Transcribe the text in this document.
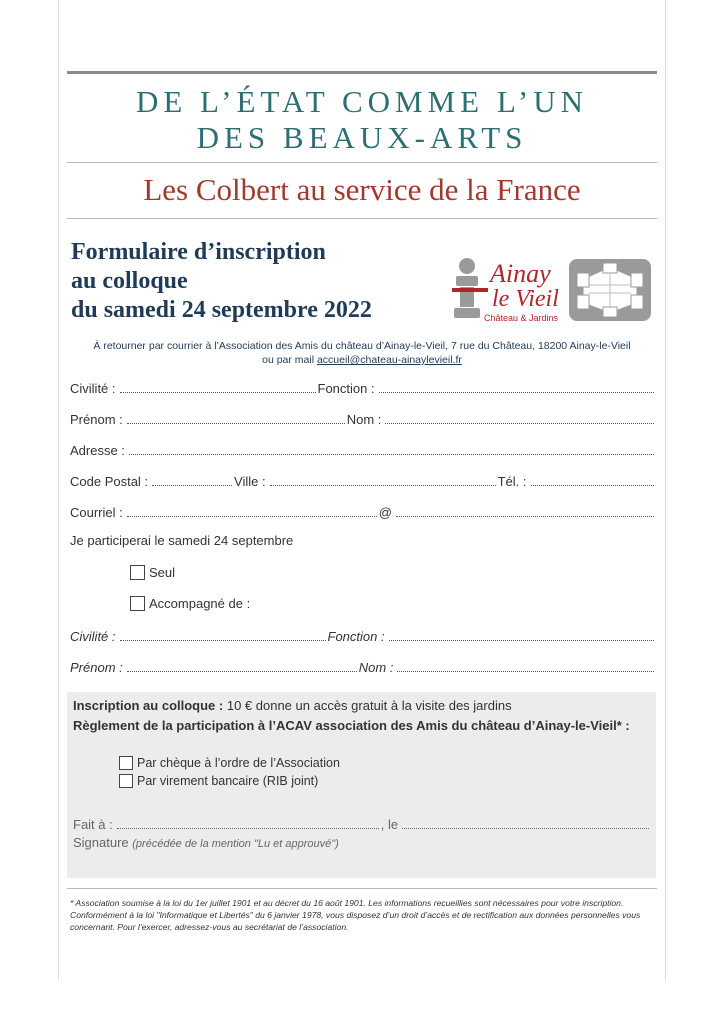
DE L’ÉTAT COMME L’UN
DES BEAUX-ARTS
Les Colbert au service de la France
Formulaire d’inscription
au colloque
du samedi 24 septembre 2022
Ainay
le Vieil
Château & Jardins
À retourner par courrier à l’Association des Amis du château d’Ainay-le-Vieil, 7 rue du Château, 18200 Ainay-le-Vieil
ou par mail accueil@chateau-ainaylevieil.fr
Civilité :	Fonction :
Prénom :	Nom :
Adresse :
Code Postal :	Ville :	Tél. :
Courriel :	@
Je participerai le samedi 24 septembre
Seul
Accompagné de :
Civilité :	Fonction :
Prénom :	Nom :
Inscription au colloque : 10 € donne un accès gratuit à la visite des jardins
Règlement de la participation à l’ACAV association des Amis du château d’Ainay-le-Vieil* :
Par chèque à l’ordre de l’Association
Par virement bancaire (RIB joint)
Fait à :	, le
Signature (précédée de la mention "Lu et approuvé")
* Association soumise à la loi du 1er juillet 1901 et au décret du 16 août 1901. Les informations recueillies sont nécessaires pour votre inscription. Conformément à la loi "Informatique et Libertés" du 6 janvier 1978, vous disposez d’un droit d’accès et de rectification aux données personnelles vous concernant. Pour l’exercer, adressez-vous au secrétariat de l’association.
